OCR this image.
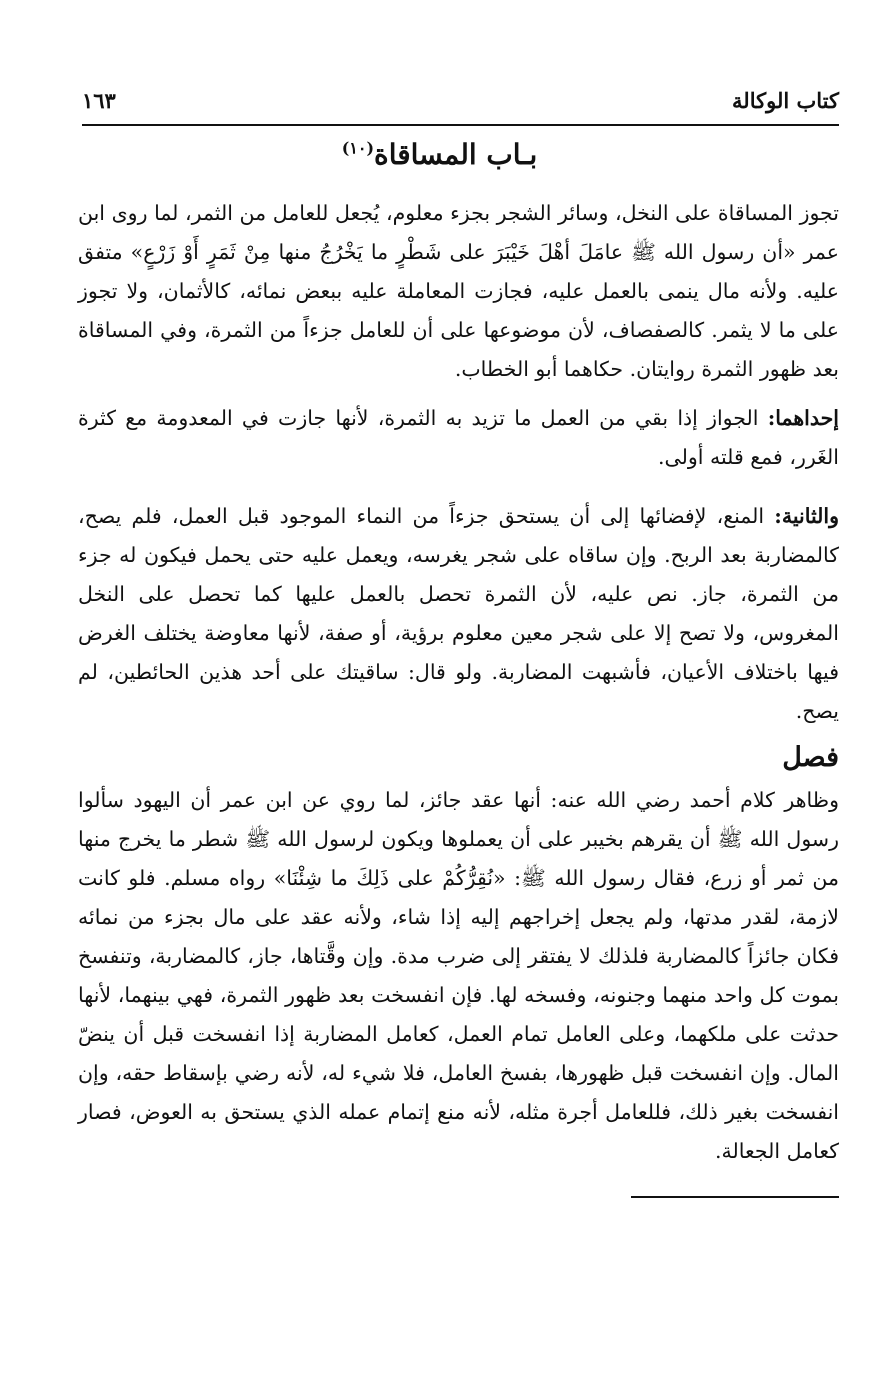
كتاب الوكالة
١٦٣
بـاب المساقاة$^{(١٠)}$

تجوز المساقاة على النخل، وسائر الشجر بجزء معلوم، يُجعل للعامل من الثمر، لما روى ابن عمر «أن رسول الله ﷺ عامَلَ أهْلَ خَيْبَرَ على شَطْرٍ ما يَخْرُجُ منها مِنْ ثَمَرٍ أَوْ زَرْعٍ» متفق عليه. ولأنه مال ينمى بالعمل عليه، فجازت المعاملة عليه ببعض نمائه، كالأثمان، ولا تجوز على ما لا يثمر. كالصفصاف، لأن موضوعها على أن للعامل جزءاً من الثمرة، وفي المساقاة بعد ظهور الثمرة روايتان. حكاهما أبو الخطاب.

إحداهما: الجواز إذا بقي من العمل ما تزيد به الثمرة، لأنها جازت في المعدومة مع كثرة الغَرر، فمع قلته أولى.

والثانية: المنع، لإفضائها إلى أن يستحق جزءاً من النماء الموجود قبل العمل، فلم يصح، كالمضاربة بعد الربح. وإن ساقاه على شجر يغرسه، ويعمل عليه حتى يحمل فيكون له جزء من الثمرة، جاز. نص عليه، لأن الثمرة تحصل بالعمل عليها كما تحصل على النخل المغروس، ولا تصح إلا على شجر معين معلوم برؤية، أو صفة، لأنها معاوضة يختلف الغرض فيها باختلاف الأعيان، فأشبهت المضاربة. ولو قال: ساقيتك على أحد هذين الحائطين، لم يصح.

فصل

وظاهر كلام أحمد رضي الله عنه: أنها عقد جائز، لما روي عن ابن عمر أن اليهود سألوا رسول الله ﷺ أن يقرهم بخيبر على أن يعملوها ويكون لرسول الله ﷺ شطر ما يخرج منها من ثمر أو زرع، فقال رسول الله ﷺ: «نُقِرُّكُمْ على ذَلِكَ ما شِئْنَا» رواه مسلم. فلو كانت لازمة، لقدر مدتها، ولم يجعل إخراجهم إليه إذا شاء، ولأنه عقد على مال بجزء من نمائه فكان جائزاً كالمضاربة فلذلك لا يفتقر إلى ضرب مدة. وإن وقَّتاها، جاز، كالمضاربة، وتنفسخ بموت كل واحد منهما وجنونه، وفسخه لها. فإن انفسخت بعد ظهور الثمرة، فهي بينهما، لأنها حدثت على ملكهما، وعلى العامل تمام العمل، كعامل المضاربة إذا انفسخت قبل أن ينضّ المال. وإن انفسخت قبل ظهورها، بفسخ العامل، فلا شيء له، لأنه رضي بإسقاط حقه، وإن انفسخت بغير ذلك، فللعامل أجرة مثله، لأنه منع إتمام عمله الذي يستحق به العوض، فصار كعامل الجعالة.
